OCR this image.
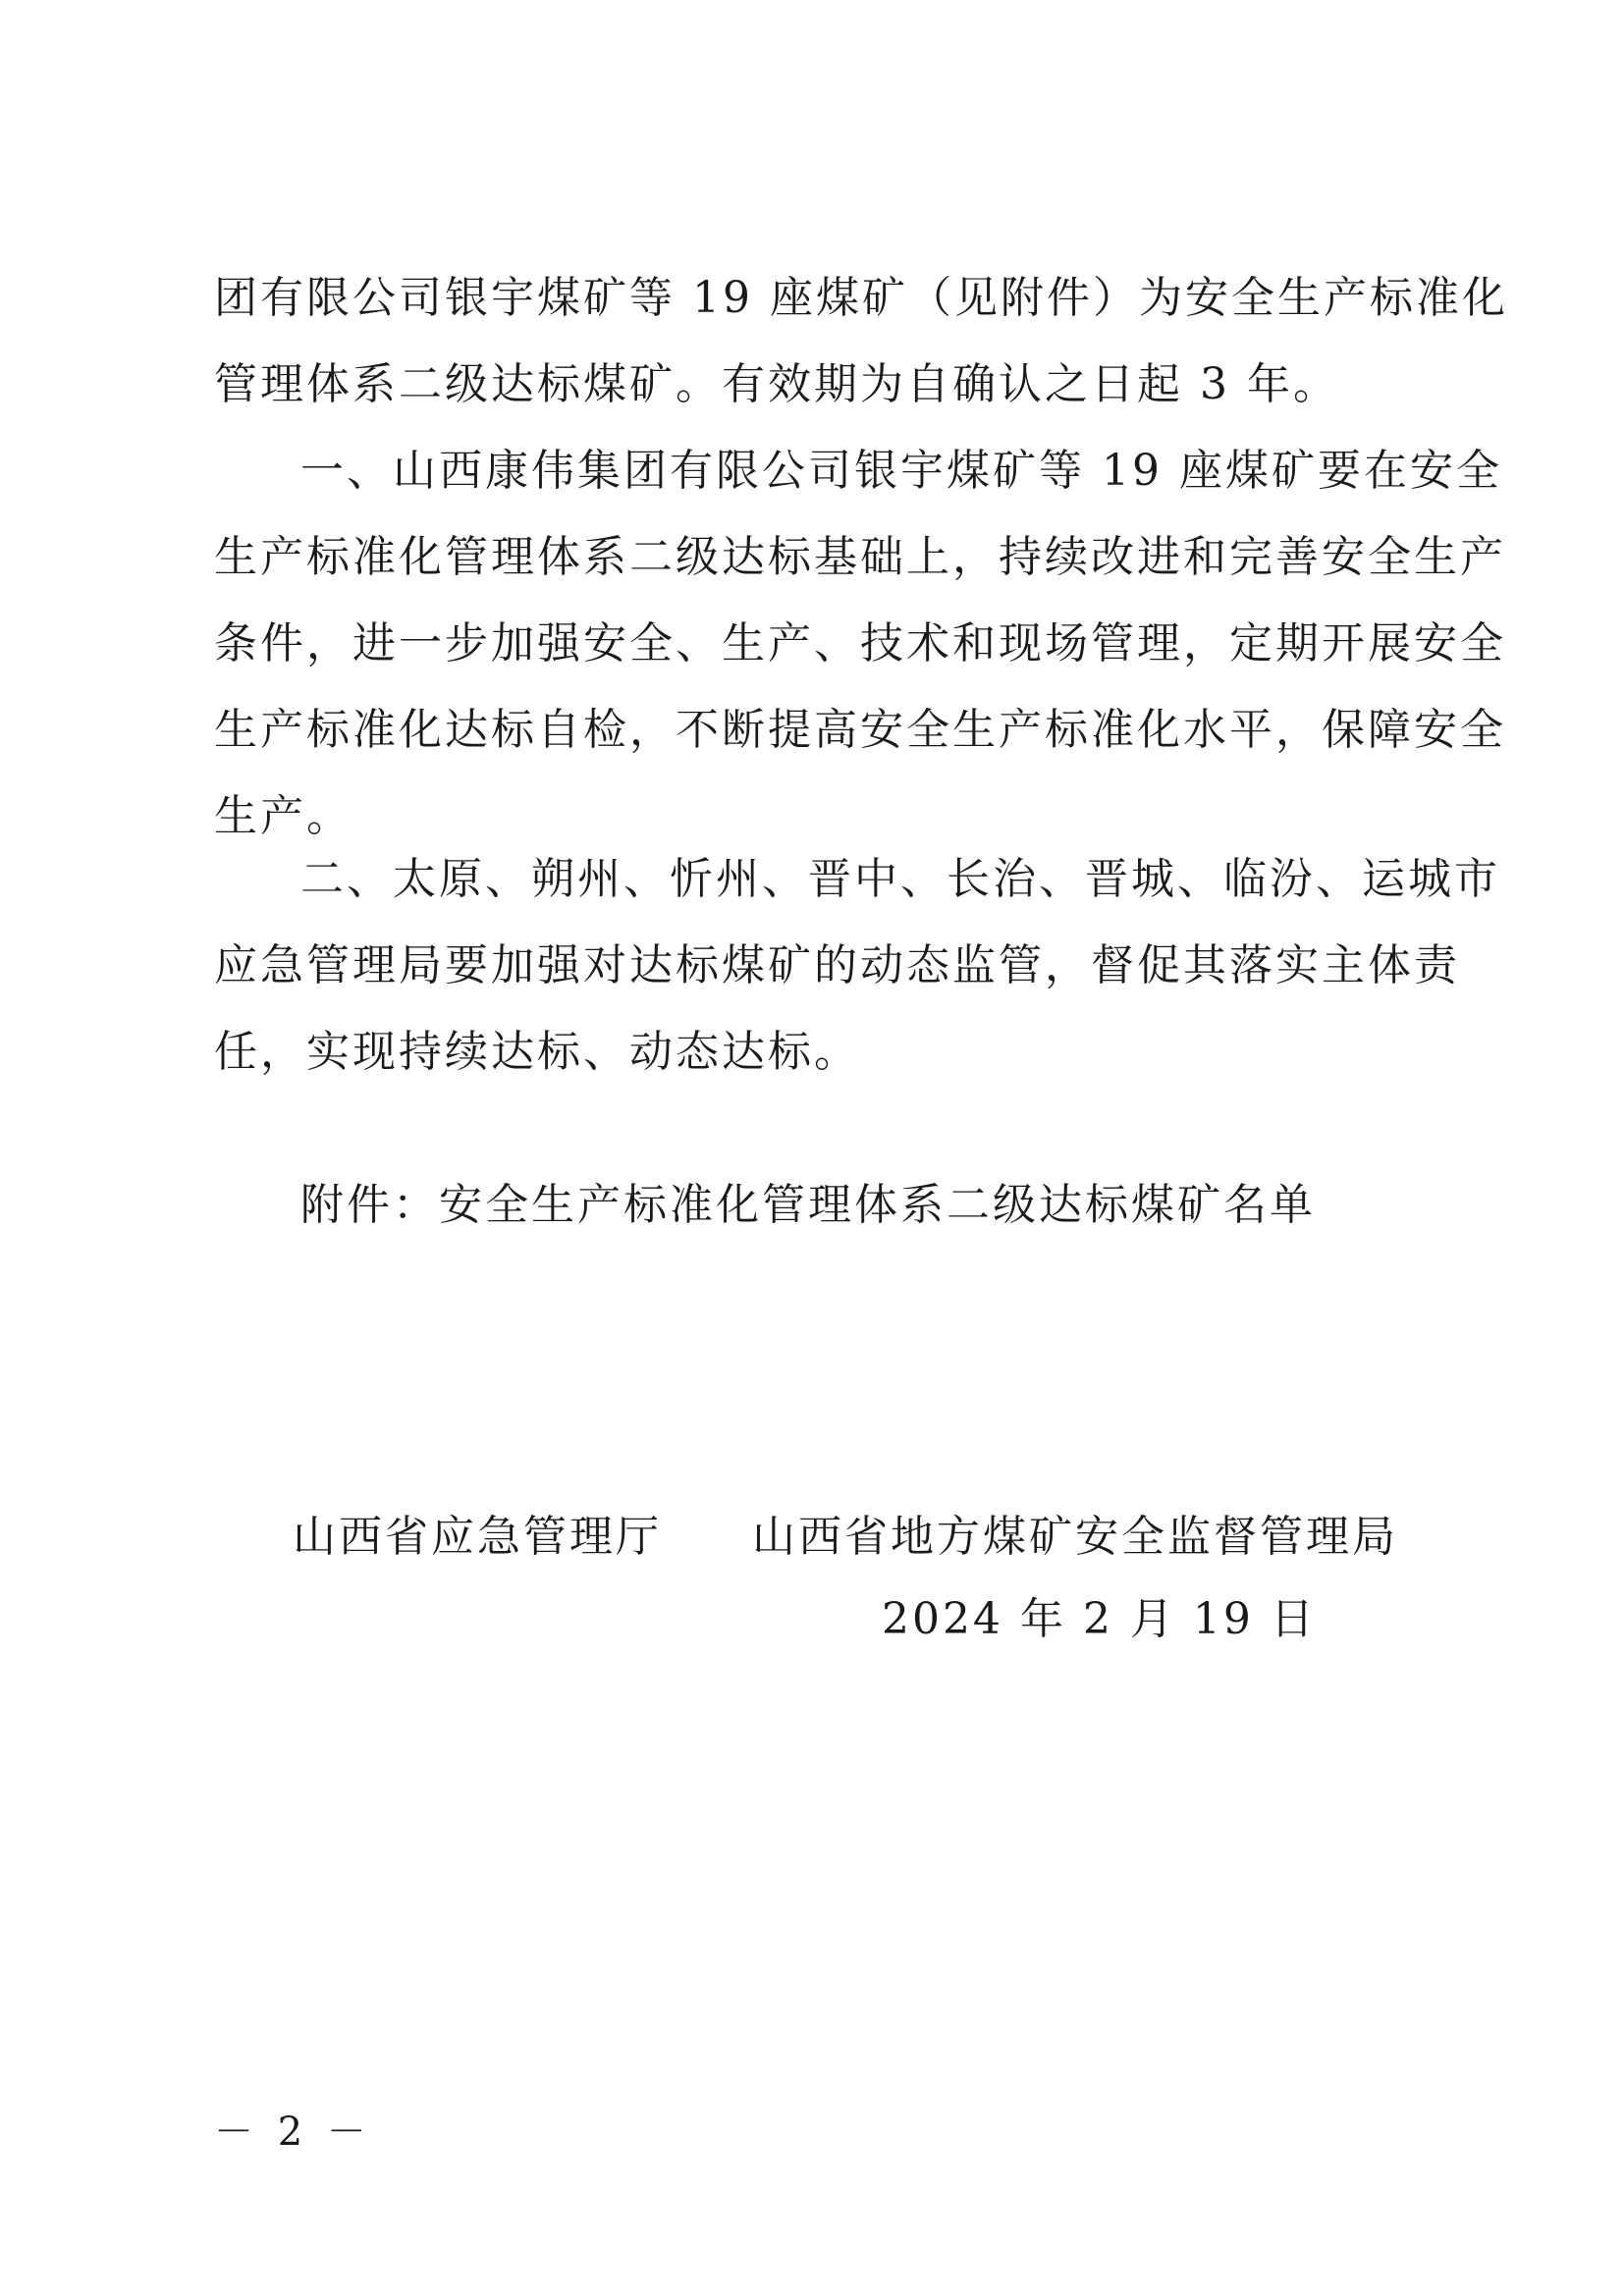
团有限公司银宇煤矿等 19 座煤矿（见附件）为安全生产标准化
管理体系二级达标煤矿。有效期为自确认之日起 3 年。
一、山西康伟集团有限公司银宇煤矿等 19 座煤矿要在安全
生产标准化管理体系二级达标基础上，持续改进和完善安全生产
条件，进一步加强安全、生产、技术和现场管理，定期开展安全
生产标准化达标自检，不断提高安全生产标准化水平，保障安全
生产。
二、太原、朔州、忻州、晋中、长治、晋城、临汾、运城市
应急管理局要加强对达标煤矿的动态监管，督促其落实主体责
任，实现持续达标、动态达标。
附件：安全生产标准化管理体系二级达标煤矿名单
山西省应急管理厅 山西省地方煤矿安全监督管理局
2024 年 2 月 19 日
－ 2 －
